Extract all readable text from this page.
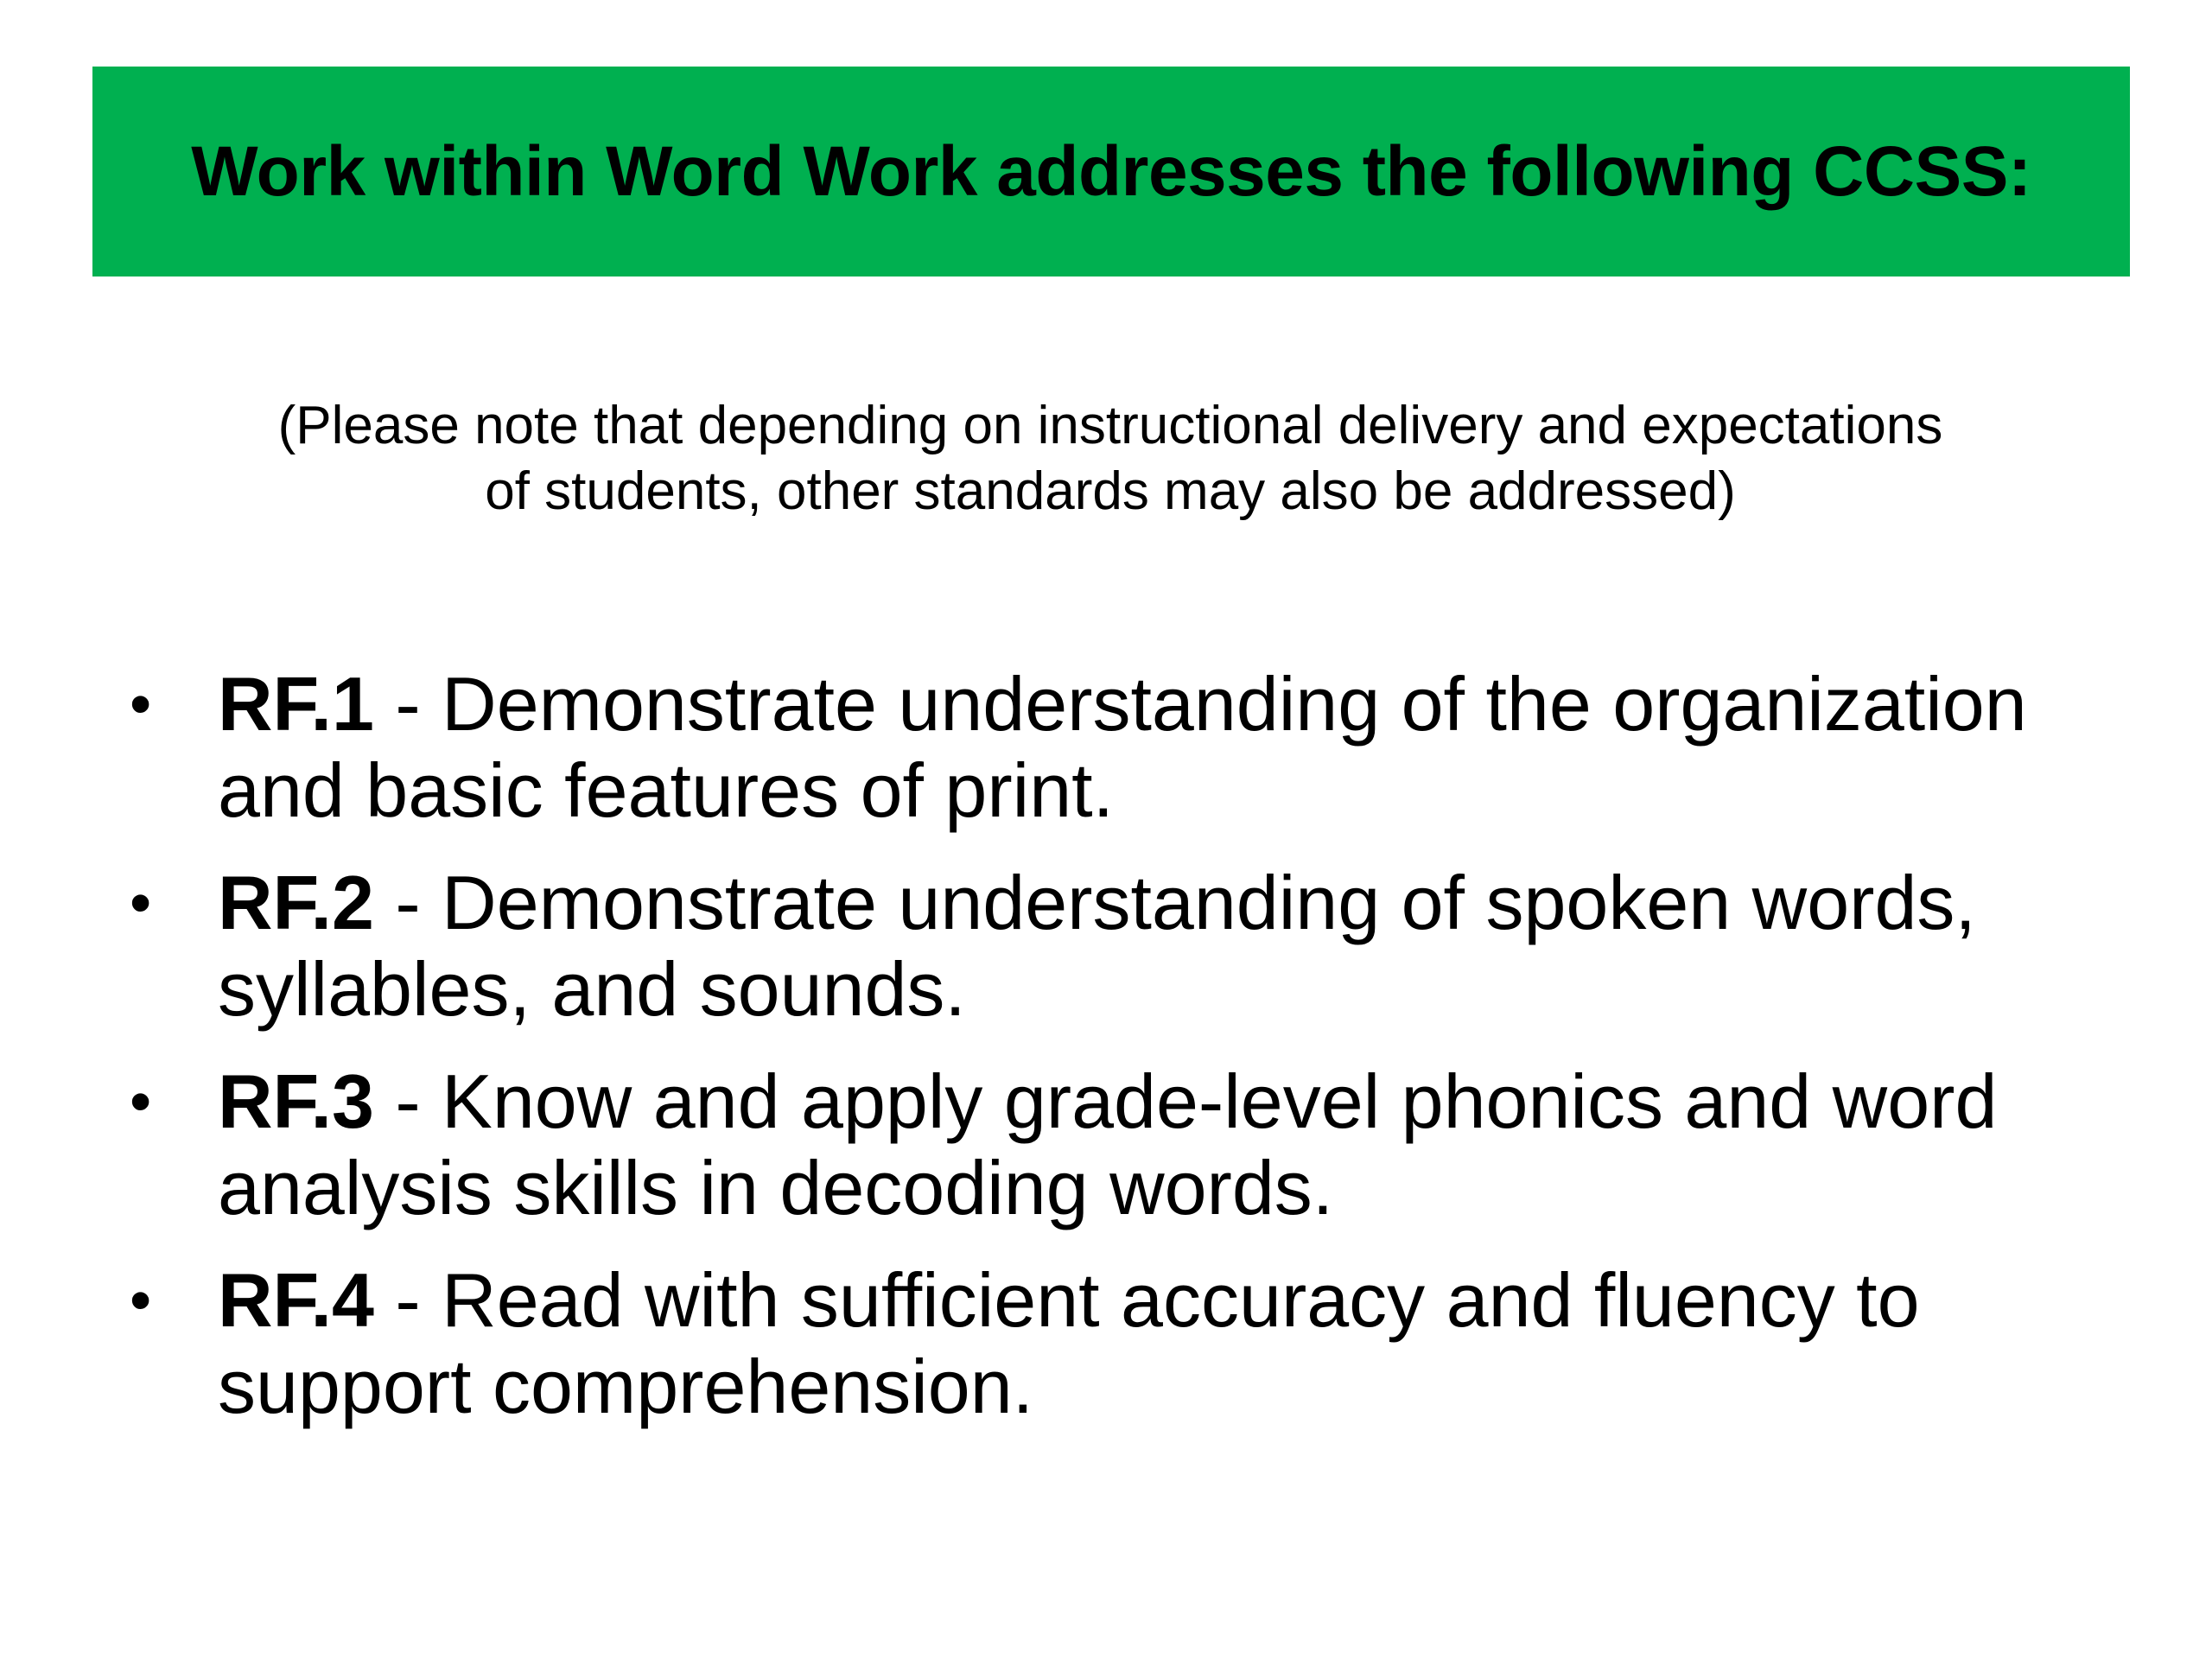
Work within Word Work addresses the following CCSS:
(Please note that depending on instructional delivery and expectations
of students, other standards may also be addressed)
• RF.1 - Demonstrate understanding of the organization and basic features of print.
• RF.2 - Demonstrate understanding of spoken words, syllables, and sounds.
• RF.3 - Know and apply grade-level phonics and word analysis skills in decoding words.
• RF.4 - Read with sufficient accuracy and fluency to support comprehension.
